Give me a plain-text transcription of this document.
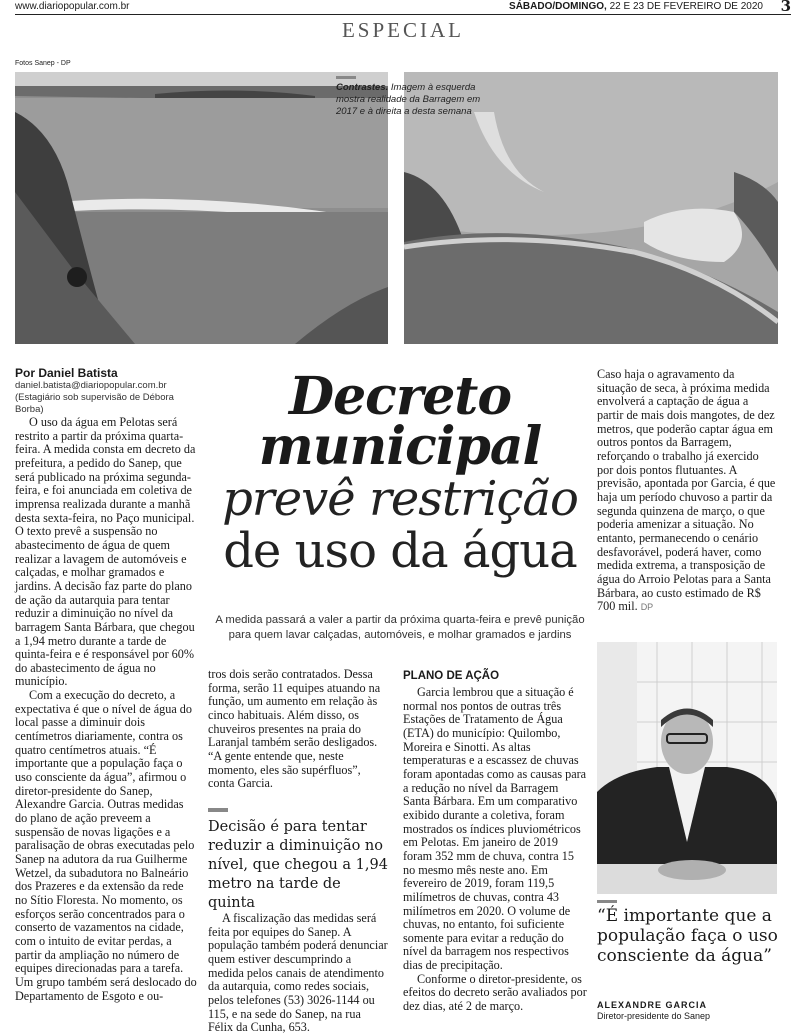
www.diariopopular.com.br	SÁBADO/DOMINGO, 22 E 23 DE FEVEREIRO DE 2020 3
ESPECIAL
Fotos Sanep - DP
Contrastes. Imagem à esquerda mostra realidade da Barragem em 2017 e à direita a desta semana
Por Daniel Batista
daniel.batista@diariopopular.com.br
(Estagiário sob supervisão de Débora Borba)

O uso da água em Pelotas será restrito a partir da próxima quarta-feira. A medida consta em decreto da prefeitura, a pedido do Sanep, que será publicado na próxima segunda-feira, e foi anunciada em coletiva de imprensa realizada durante a manhã desta sexta-feira, no Paço municipal. O texto prevê a suspensão no abastecimento de água de quem realizar a lavagem de automóveis e calçadas, e molhar gramados e jardins. A decisão faz parte do plano de ação da autarquia para tentar reduzir a diminuição no nível da barragem Santa Bárbara, que chegou a 1,94 metro durante a tarde de quinta-feira e é responsável por 60% do abastecimento de água no município.

Com a execução do decreto, a expectativa é que o nível de água do local passe a diminuir dois centímetros diariamente, contra os quatro centímetros atuais. “É importante que a população faça o uso consciente da água”, afirmou o diretor-presidente do Sanep, Alexandre Garcia. Outras medidas do plano de ação preveem a suspensão de novas ligações e a paralisação de obras executadas pelo Sanep na adutora da rua Guilherme Wetzel, da subadutora no Balneário dos Prazeres e da extensão da rede no Sítio Floresta. No momento, os esforços serão concentrados para o conserto de vazamentos na cidade, com o intuito de evitar perdas, a partir da ampliação no número de equipes direcionadas para a tarefa. Um grupo também será deslocado do Departamento de Esgoto e ou-

Decreto
municipal
prevê restrição
de uso da água
A medida passará a valer a partir da próxima quarta-feira e prevê punição para quem lavar calçadas, automóveis, e molhar gramados e jardins

tros dois serão contratados. Dessa forma, serão 11 equipes atuando na função, um aumento em relação às cinco habituais. Além disso, os chuveiros presentes na praia do Laranjal também serão desligados. “A gente entende que, neste momento, eles são supérfluos”, conta Garcia.

Decisão é para tentar reduzir a diminuição no nível, que chegou a 1,94 metro na tarde de quinta

A fiscalização das medidas será feita por equipes do Sanep. A população também poderá denunciar quem estiver descumprindo a medida pelos canais de atendimento da autarquia, como redes sociais, pelos telefones (53) 3026-1144 ou 115, e na sede do Sanep, na rua Félix da Cunha, 653.

PLANO DE AÇÃO

Garcia lembrou que a situação é normal nos pontos de outras três Estações de Tratamento de Água (ETA) do município: Quilombo, Moreira e Sinotti. As altas temperaturas e a escassez de chuvas foram apontadas como as causas para a redução no nível da Barragem Santa Bárbara. Em um comparativo exibido durante a coletiva, foram mostrados os índices pluviométricos em Pelotas. Em janeiro de 2019 foram 352 mm de chuva, contra 15 no mesmo mês neste ano. Em fevereiro de 2019, foram 119,5 milímetros de chuvas, contra 43 milímetros em 2020. O volume de chuvas, no entanto, foi suficiente somente para evitar a redução do nível da barragem nos respectivos dias de precipitação.

Conforme o diretor-presidente, os efeitos do decreto serão avaliados por dez dias, até 2 de março.

Caso haja o agravamento da situação de seca, à próxima medida envolverá a captação de água a partir de mais dois mangotes, de dez metros, que poderão captar água em outros pontos da Barragem, reforçando o trabalho já exercido por dois pontos flutuantes. A previsão, apontada por Garcia, é que haja um período chuvoso a partir da segunda quinzena de março, o que poderia amenizar a situação. No entanto, permanecendo o cenário desfavorável, poderá haver, como medida extrema, a transposição de água do Arroio Pelotas para a Santa Bárbara, ao custo estimado de R$ 700 mil. DP

“É importante que a população faça o uso consciente da água”
ALEXANDRE GARCIA
Diretor-presidente do Sanep
